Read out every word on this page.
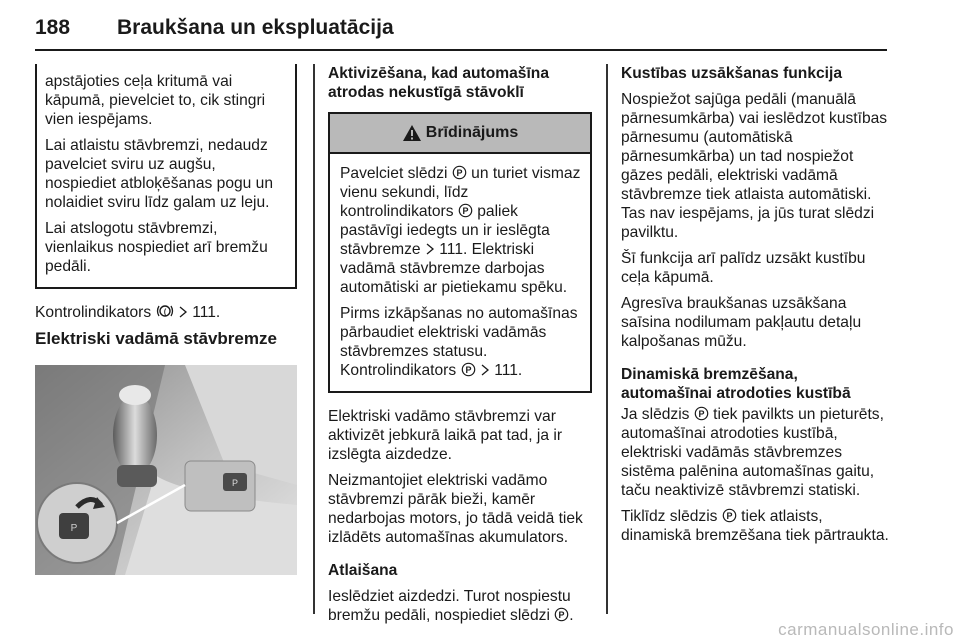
188 Braukšana un ekspluatācija

apstājoties ceļa kritumā vai kāpumā, pievelciet to, cik stingri vien iespējams.

Lai atlaistu stāvbremzi, nedaudz pavelciet sviru uz augšu, nospiediet atbloķēšanas pogu un nolaidiet sviru līdz galam uz leju.

Lai atslogotu stāvbremzi, vienlaikus nospiediet arī bremžu pedāli.

Kontrolindikators ( 111.

Elektriski vadāmā stāvbremze
P
P
Aktivizēšana, kad automašīna atrodas nekustīgā stāvoklī
Brīdinājums

Pavelciet slēdzi P un turiet vismaz vienu sekundi, līdz kontrolindikators P paliek pastāvīgi iedegts un ir ieslēgta stāvbremze 111. Elektriski vadāmā stāvbremze darbojas automātiski ar pietiekamu spēku.

Pirms izkāpšanas no automašīnas pārbaudiet elektriski vadāmās stāvbremzes statusu. Kontrolindikators P 111.

Elektriski vadāmo stāvbremzi var aktivizēt jebkurā laikā pat tad, ja ir izslēgta aizdedze.

Neizmantojiet elektriski vadāmo stāvbremzi pārāk bieži, kamēr nedarbojas motors, jo tādā veidā tiek izlādēts automašīnas akumulators.

Atlaišana

Ieslēdziet aizdedzi. Turot nospiestu bremžu pedāli, nospiediet slēdzi P .

Kustības uzsākšanas funkcija

Nospiežot sajūga pedāli (manuālā pārnesumkārba) vai ieslēdzot kustības pārnesumu (automātiskā pārnesumkārba) un tad nospiežot gāzes pedāli, elektriski vadāmā stāvbremze tiek atlaista automātiski. Tas nav iespējams, ja jūs turat slēdzi pavilktu.

Šī funkcija arī palīdz uzsākt kustību ceļa kāpumā.

Agresīva braukšanas uzsākšana saīsina nodilumam pakļautu detaļu kalpošanas mūžu.

Dinamiskā bremzēšana, automašīnai atrodoties kustībā

Ja slēdzis P tiek pavilkts un pieturēts, automašīnai atrodoties kustībā, elektriski vadāmās stāvbremzes sistēma palēnina automašīnas gaitu, taču neaktivizē stāvbremzi statiski.

Tiklīdz slēdzis P tiek atlaists, dinamiskā bremzēšana tiek pārtraukta.

carmanualsonline.info
